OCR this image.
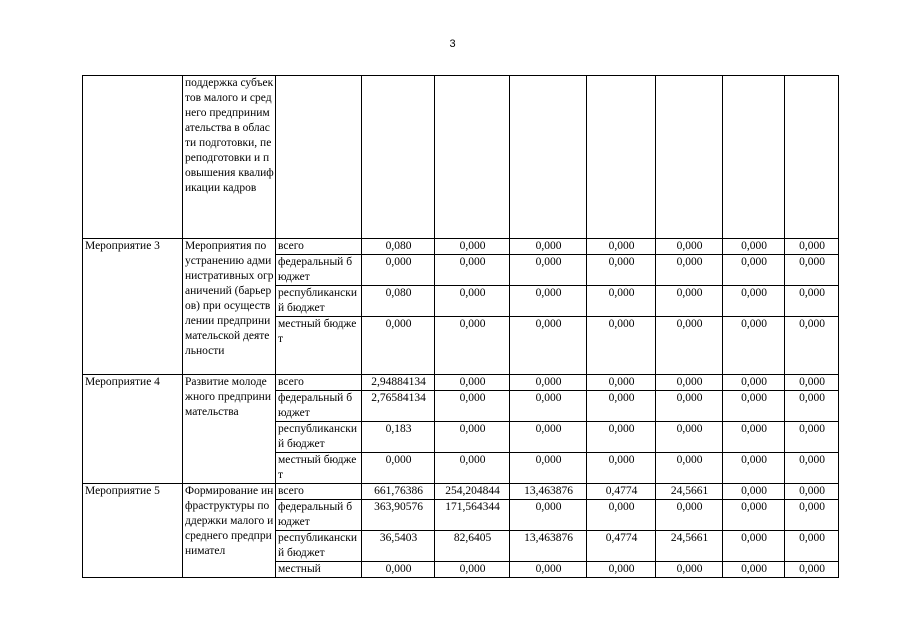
3
	поддержка субъектов малого и среднего предпринимательства в области подготовки, переподготовки и повышения квалификации кадров								
Мероприятие 3	Мероприятия по устранению административных ограничений (барьеров) при осуществлении предпринимательской деятельности	всего	0,080	0,000	0,000	0,000	0,000	0,000	0,000
		федеральный бюджет	0,000	0,000	0,000	0,000	0,000	0,000	0,000
		республиканский бюджет	0,080	0,000	0,000	0,000	0,000	0,000	0,000
		местный бюджет	0,000	0,000	0,000	0,000	0,000	0,000	0,000
Мероприятие 4	Развитие молодежного предпринимательства	всего	2,94884134	0,000	0,000	0,000	0,000	0,000	0,000
		федеральный бюджет	2,76584134	0,000	0,000	0,000	0,000	0,000	0,000
		республиканский бюджет	0,183	0,000	0,000	0,000	0,000	0,000	0,000
		местный бюджет	0,000	0,000	0,000	0,000	0,000	0,000	0,000
Мероприятие 5	Формирование инфраструктуры поддержки малого и среднего предпринимател	всего	661,76386	254,204844	13,463876	0,4774	24,5661	0,000	0,000
		федеральный бюджет	363,90576	171,564344	0,000	0,000	0,000	0,000	0,000
		республиканский бюджет	36,5403	82,6405	13,463876	0,4774	24,5661	0,000	0,000
		местный	0,000	0,000	0,000	0,000	0,000	0,000	0,000
